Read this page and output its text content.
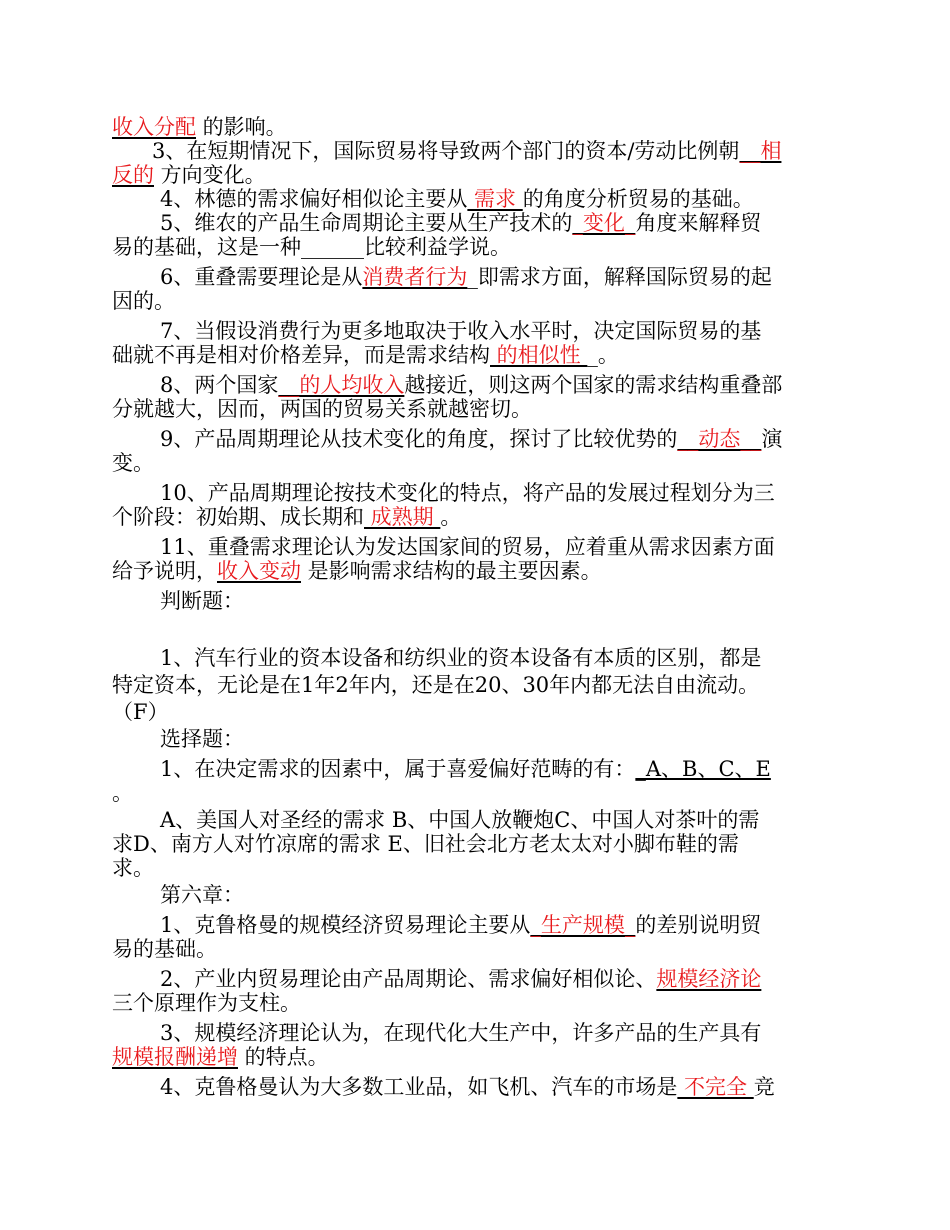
收入分配 的影响。
3、在短期情况下，国际贸易将导致两个部门的资本/劳动比例朝__相
反的 方向变化。
4、林德的需求偏好相似论主要从 需求 的角度分析贸易的基础。
5、维农的产品生命周期论主要从生产技术的_变化_角度来解释贸
易的基础，这是一种______比较利益学说。
6、重叠需要理论是从消费者行为_即需求方面，解释国际贸易的起
因的。
7、当假设消费行为更多地取决于收入水平时，决定国际贸易的基
础就不再是相对价格差异，而是需求结构 的相似性 _。
8、两个国家__的人均收入越接近，则这两个国家的需求结构重叠部
分就越大，因而，两国的贸易关系就越密切。
9、产品周期理论从技术变化的角度，探讨了比较优势的__动态__演
变。
10、产品周期理论按技术变化的特点，将产品的发展过程划分为三
个阶段：初始期、成长期和 成熟期 。
11、重叠需求理论认为发达国家间的贸易，应着重从需求因素方面
给予说明，收入变动 是影响需求结构的最主要因素。
判断题：
1、汽车行业的资本设备和纺织业的资本设备有本质的区别，都是
特定资本，无论是在1年2年内，还是在20、30年内都无法自由流动。
（F）
选择题：
1、在决定需求的因素中，属于喜爱偏好范畴的有：_A、B、C、E
。
A、美国人对圣经的需求 B、中国人放鞭炮C、中国人对茶叶的需
求D、南方人对竹凉席的需求 E、旧社会北方老太太对小脚布鞋的需
求。
第六章：
1、克鲁格曼的规模经济贸易理论主要从_生产规模_的差别说明贸
易的基础。
2、产业内贸易理论由产品周期论、需求偏好相似论、规模经济论
三个原理作为支柱。
3、规模经济理论认为，在现代化大生产中，许多产品的生产具有
规模报酬递增 的特点。
4、克鲁格曼认为大多数工业品，如飞机、汽车的市场是 不完全 竞
